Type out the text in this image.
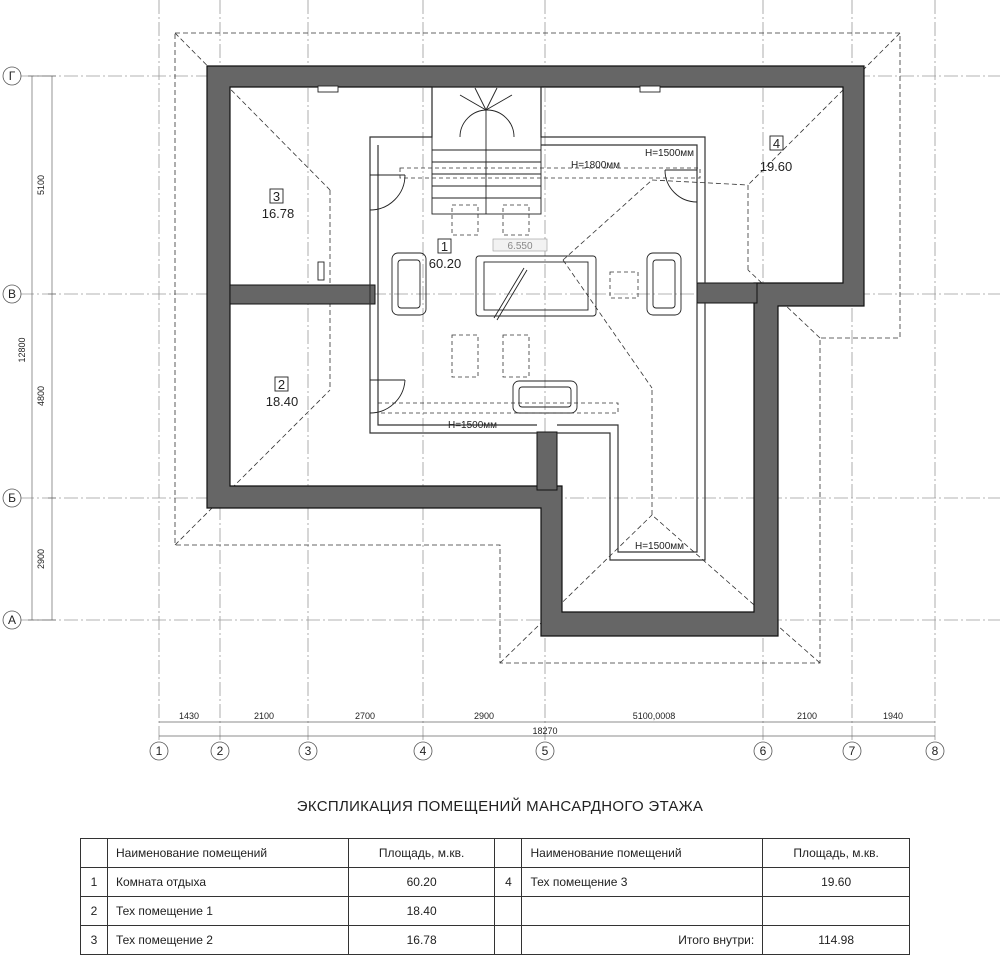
3
16.78
2
18.40
1
60.20
4
19.60
6.550
H=1500мм
H=1800мм
H=1500мм
H=1500мм
5100
4800
2900
12800
1430	2100	2700	2900	5100,0008	2100	1940
18270
Г
В
Б
А
1	2	3	4	5	6	7	8
ЭКСПЛИКАЦИЯ ПОМЕЩЕНИЙ МАНСАРДНОГО ЭТАЖА
	Наименование помещений	Площадь, м.кв.		Наименование помещений	Площадь, м.кв.
1	Комната отдыха	60.20	4	Тех помещение 3	19.60
2	Тех помещение 1	18.40			
3	Тех помещение 2	16.78		Итого внутри:	114.98
